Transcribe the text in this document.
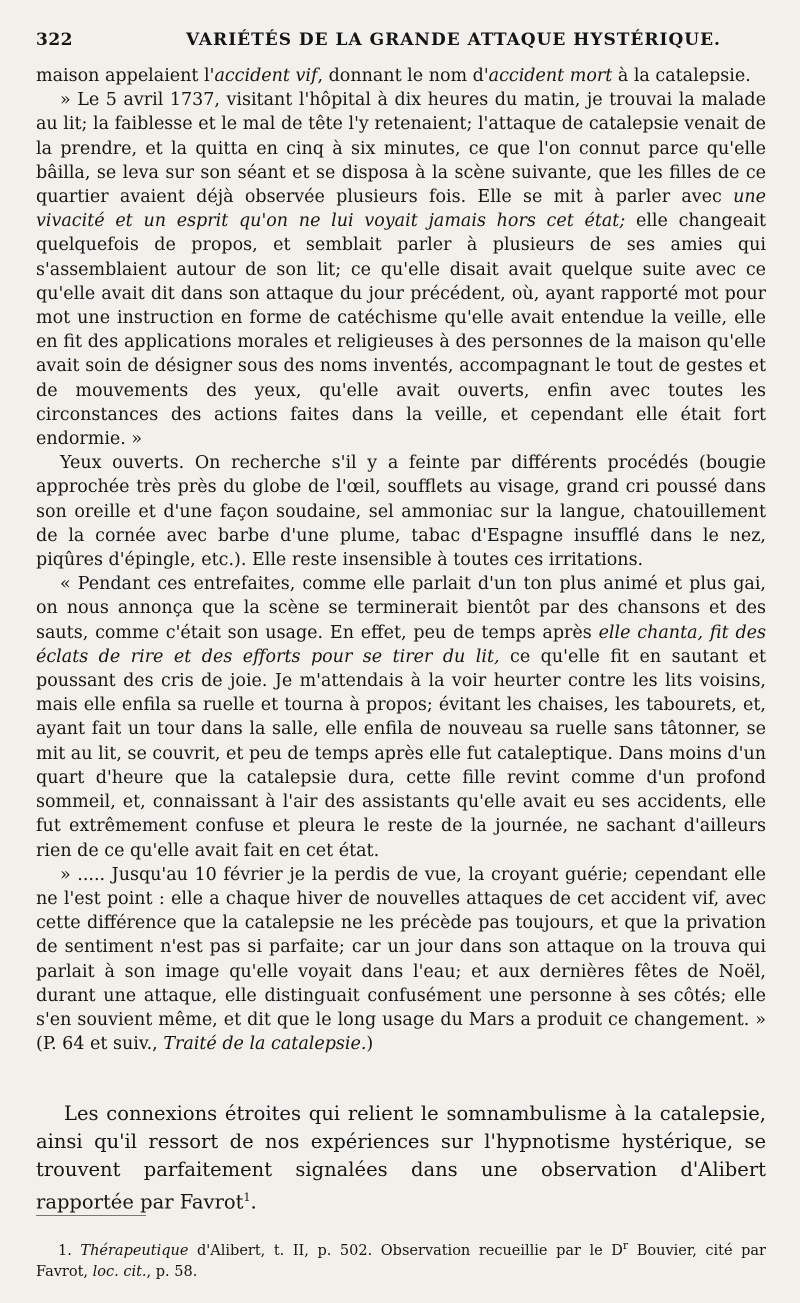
322	VARIÉTÉS DE LA GRANDE ATTAQUE HYSTÉRIQUE.

maison appelaient l'accident vif, donnant le nom d'accident mort à la catalepsie.

» Le 5 avril 1737, visitant l'hôpital à dix heures du matin, je trouvai la malade au lit; la faiblesse et le mal de tête l'y retenaient; l'attaque de catalepsie venait de la prendre, et la quitta en cinq à six minutes, ce que l'on connut parce qu'elle bâilla, se leva sur son séant et se disposa à la scène suivante, que les filles de ce quartier avaient déjà observée plusieurs fois. Elle se mit à parler avec une vivacité et un esprit qu'on ne lui voyait jamais hors cet état; elle changeait quelquefois de propos, et semblait parler à plusieurs de ses amies qui s'assemblaient autour de son lit; ce qu'elle disait avait quelque suite avec ce qu'elle avait dit dans son attaque du jour précédent, où, ayant rapporté mot pour mot une instruction en forme de catéchisme qu'elle avait entendue la veille, elle en fit des applications morales et religieuses à des personnes de la maison qu'elle avait soin de désigner sous des noms inventés, accompagnant le tout de gestes et de mouvements des yeux, qu'elle avait ouverts, enfin avec toutes les circonstances des actions faites dans la veille, et cependant elle était fort endormie. »

Yeux ouverts. On recherche s'il y a feinte par différents procédés (bougie approchée très près du globe de l'œil, soufflets au visage, grand cri poussé dans son oreille et d'une façon soudaine, sel ammoniac sur la langue, chatouillement de la cornée avec barbe d'une plume, tabac d'Espagne insufflé dans le nez, piqûres d'épingle, etc.). Elle reste insensible à toutes ces irritations.

« Pendant ces entrefaites, comme elle parlait d'un ton plus animé et plus gai, on nous annonça que la scène se terminerait bientôt par des chansons et des sauts, comme c'était son usage. En effet, peu de temps après elle chanta, fit des éclats de rire et des efforts pour se tirer du lit, ce qu'elle fit en sautant et poussant des cris de joie. Je m'attendais à la voir heurter contre les lits voisins, mais elle enfila sa ruelle et tourna à propos; évitant les chaises, les tabourets, et, ayant fait un tour dans la salle, elle enfila de nouveau sa ruelle sans tâtonner, se mit au lit, se couvrit, et peu de temps après elle fut cataleptique. Dans moins d'un quart d'heure que la catalepsie dura, cette fille revint comme d'un profond sommeil, et, connaissant à l'air des assistants qu'elle avait eu ses accidents, elle fut extrêmement confuse et pleura le reste de la journée, ne sachant d'ailleurs rien de ce qu'elle avait fait en cet état.

» ..... Jusqu'au 10 février je la perdis de vue, la croyant guérie; cependant elle ne l'est point : elle a chaque hiver de nouvelles attaques de cet accident vif, avec cette différence que la catalepsie ne les précède pas toujours, et que la privation de sentiment n'est pas si parfaite; car un jour dans son attaque on la trouva qui parlait à son image qu'elle voyait dans l'eau; et aux dernières fêtes de Noël, durant une attaque, elle distinguait confusément une personne à ses côtés; elle s'en souvient même, et dit que le long usage du Mars a produit ce changement. » (P. 64 et suiv., Traité de la catalepsie.)

Les connexions étroites qui relient le somnambulisme à la catalepsie, ainsi qu'il ressort de nos expériences sur l'hypnotisme hystérique, se trouvent parfaitement signalées dans une observation d'Alibert rapportée par Favrot$^1$.

1. Thérapeutique d'Alibert, t. II, p. 502. Observation recueillie par le $D^r$ Bouvier, cité par Favrot, loc. cit., p. 58.
